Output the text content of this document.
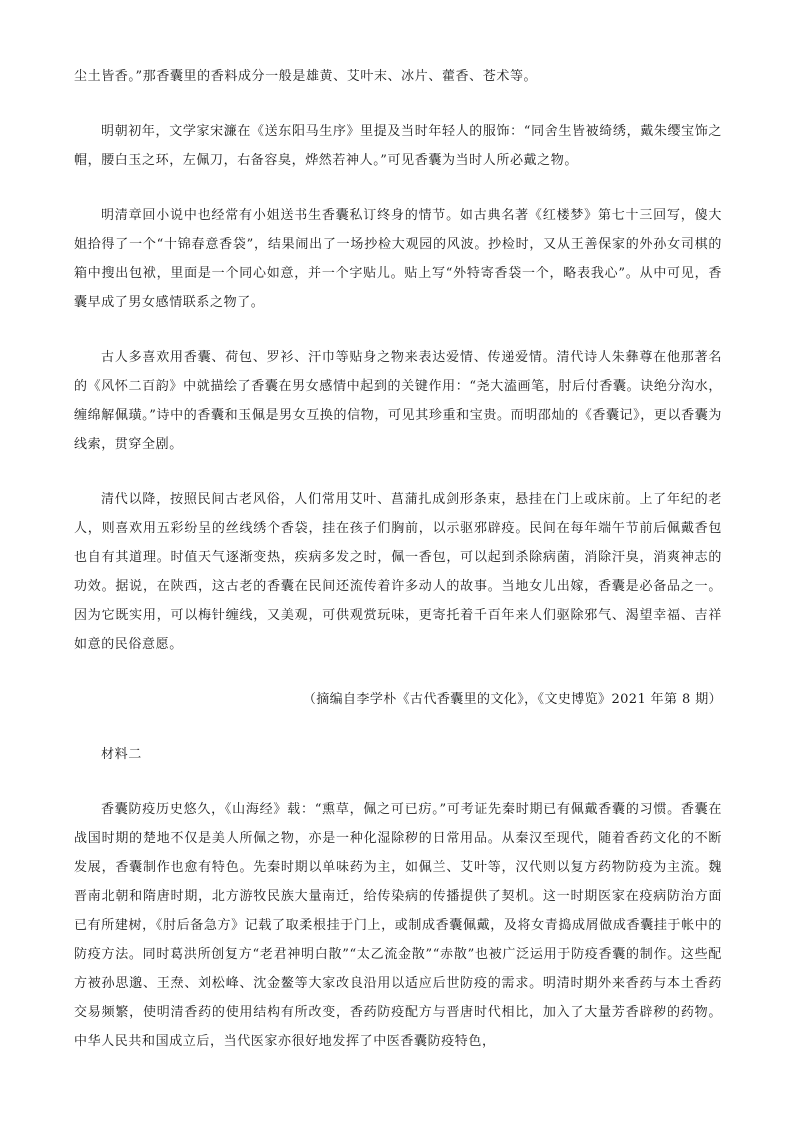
尘土皆香。”那香囊里的香料成分一般是雄黄、艾叶末、冰片、藿香、苍术等。

明朝初年，文学家宋濂在《送东阳马生序》里提及当时年轻人的服饰：“同舍生皆被绮绣，戴朱缨宝饰之帽，腰白玉之环，左佩刀，右备容臭，烨然若神人。”可见香囊为当时人所必戴之物。

明清章回小说中也经常有小姐送书生香囊私订终身的情节。如古典名著《红楼梦》第七十三回写，傻大姐拾得了一个“十锦春意香袋”，结果闹出了一场抄检大观园的风波。抄检时，又从王善保家的外孙女司棋的箱中搜出包袱，里面是一个同心如意，并一个字贴儿。贴上写“外特寄香袋一个，略表我心”。从中可见，香囊早成了男女感情联系之物了。

古人多喜欢用香囊、荷包、罗衫、汗巾等贴身之物来表达爱情、传递爱情。清代诗人朱彝尊在他那著名的《风怀二百韵》中就描绘了香囊在男女感情中起到的关键作用：“尧大溘画笔，肘后付香囊。诀绝分沟水，缠绵解佩璜。”诗中的香囊和玉佩是男女互换的信物，可见其珍重和宝贵。而明邵灿的《香囊记》，更以香囊为线索，贯穿全剧。

清代以降，按照民间古老风俗，人们常用艾叶、菖蒲扎成剑形条束，悬挂在门上或床前。上了年纪的老人，则喜欢用五彩纷呈的丝线绣个香袋，挂在孩子们胸前，以示驱邪辟疫。民间在每年端午节前后佩戴香包也自有其道理。时值天气逐渐变热，疾病多发之时，佩一香包，可以起到杀除病菌，消除汗臭，消爽神志的功效。据说，在陕西，这古老的香囊在民间还流传着许多动人的故事。当地女儿出嫁，香囊是必备品之一。因为它既实用，可以梅针缠线，又美观，可供观赏玩味，更寄托着千百年来人们驱除邪气、渴望幸福、吉祥如意的民俗意愿。

（摘编自李学朴《古代香囊里的文化》，《文史博览》2021 年第 8 期）

材料二

香囊防疫历史悠久，《山海经》载：“熏草，佩之可已疠。”可考证先秦时期已有佩戴香囊的习惯。香囊在战国时期的楚地不仅是美人所佩之物，亦是一种化湿除秽的日常用品。从秦汉至现代，随着香药文化的不断发展，香囊制作也愈有特色。先秦时期以单味药为主，如佩兰、艾叶等，汉代则以复方药物防疫为主流。魏晋南北朝和隋唐时期，北方游牧民族大量南迁，给传染病的传播提供了契机。这一时期医家在疫病防治方面已有所建树，《肘后备急方》记载了取柔根挂于门上，或制成香囊佩戴，及将女青捣成屑做成香囊挂于帐中的防疫方法。同时葛洪所创复方“老君神明白散”“太乙流金散”“赤散”也被广泛运用于防疫香囊的制作。这些配方被孙思邈、王焘、刘松峰、沈金鳌等大家改良沿用以适应后世防疫的需求。明清时期外来香药与本土香药交易频繁，使明清香药的使用结构有所改变，香药防疫配方与晋唐时代相比，加入了大量芳香辟秽的药物。中华人民共和国成立后，当代医家亦很好地发挥了中医香囊防疫特色，
